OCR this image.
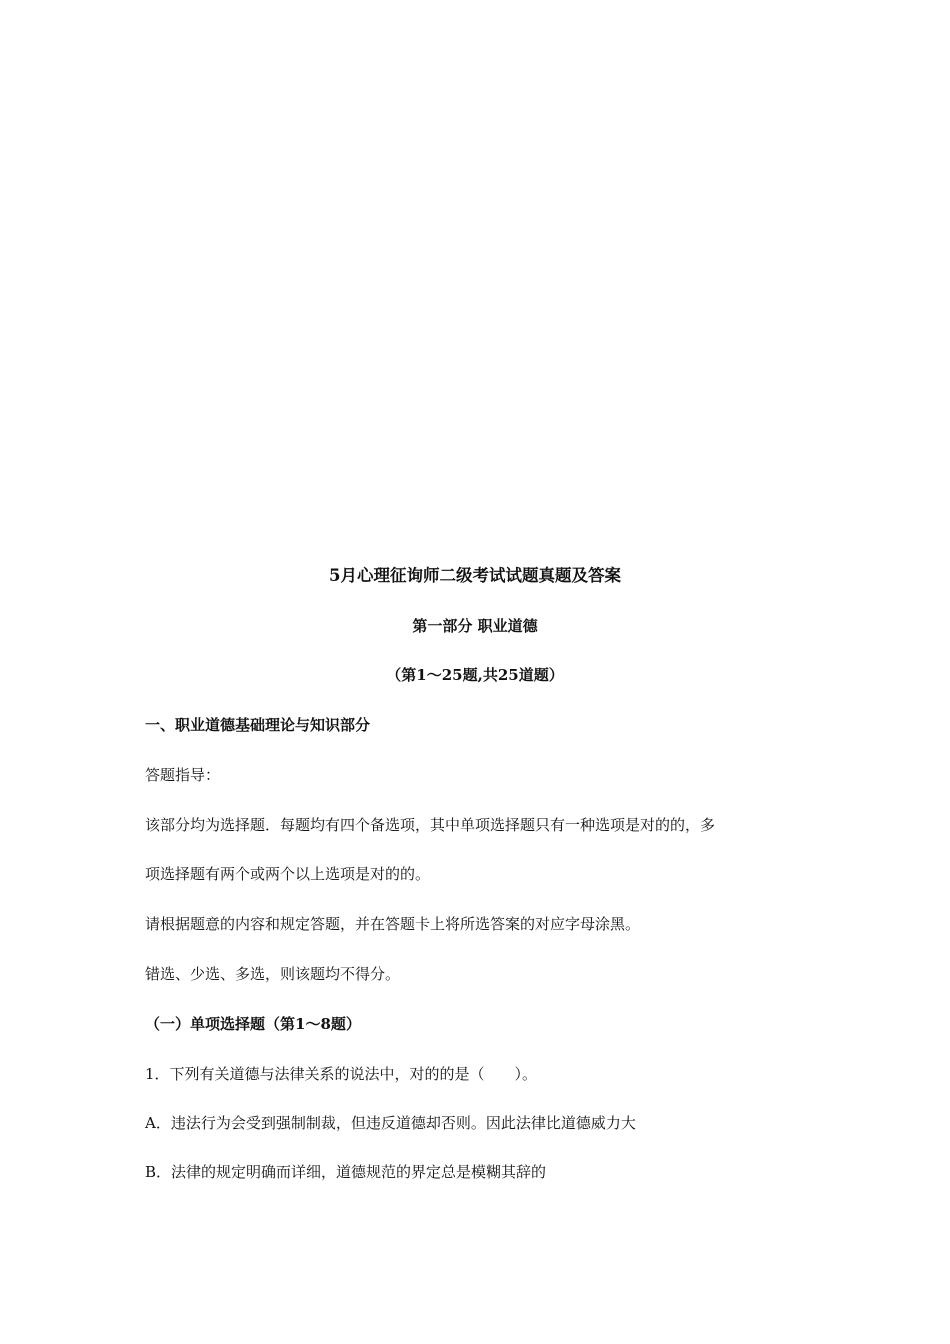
5月心理征询师二级考试试题真题及答案
第一部分 职业道德
（第1～25题,共25道题）
一、职业道德基础理论与知识部分
答题指导：
该部分均为选择题．每题均有四个备选项，其中单项选择题只有一种选项是对的的，多
项选择题有两个或两个以上选项是对的的。
请根据题意的内容和规定答题，并在答题卡上将所选答案的对应字母涂黑。
错选、少选、多选，则该题均不得分。
（一）单项选择题（第1～8题）
1．下列有关道德与法律关系的说法中，对的的是（　　）。
A．违法行为会受到强制制裁，但违反道德却否则。因此法律比道德威力大
B．法律的规定明确而详细，道德规范的界定总是模糊其辞的
